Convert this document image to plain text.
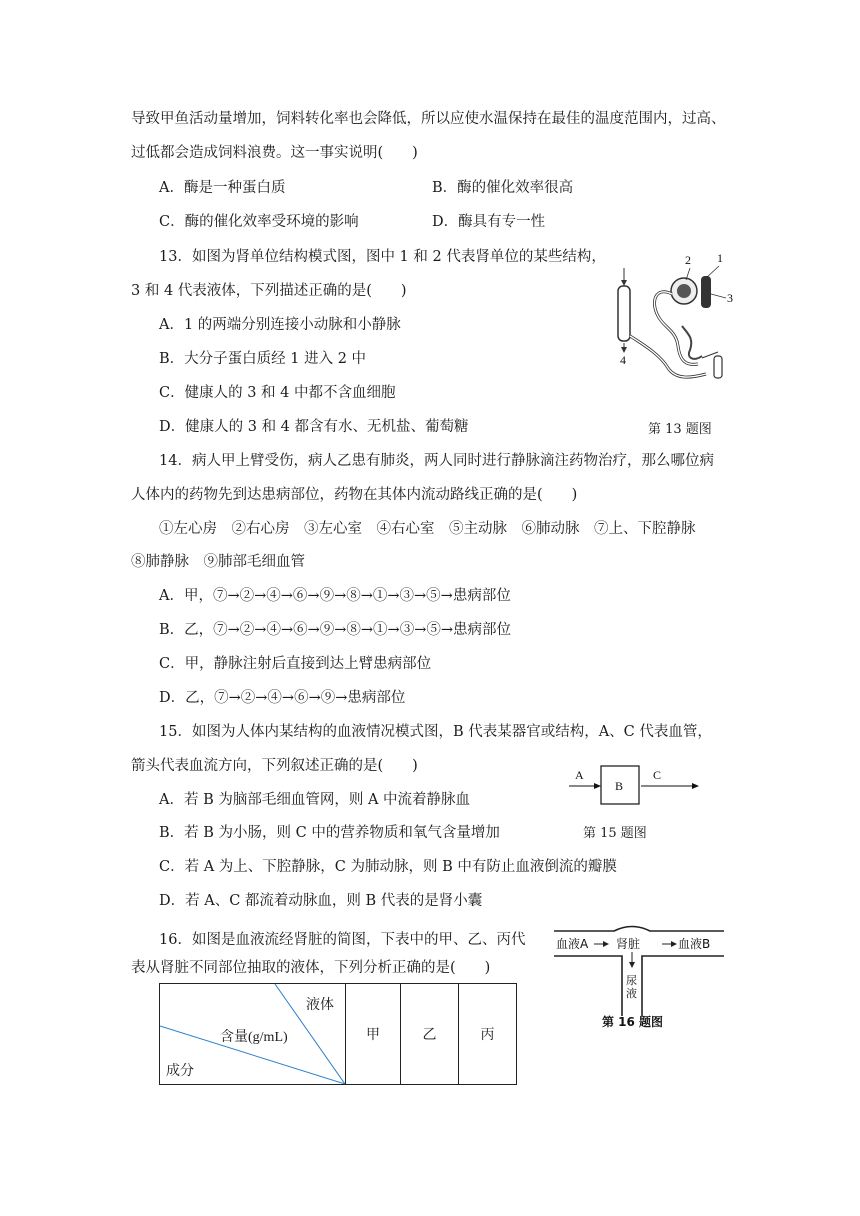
导致甲鱼活动量增加，饲料转化率也会降低，所以应使水温保持在最佳的温度范围内，过高、
过低都会造成饲料浪费。这一事实说明(　　)
A．酶是一种蛋白质	B．酶的催化效率很高
C．酶的催化效率受环境的影响	D．酶具有专一性
13．如图为肾单位结构模式图，图中 1 和 2 代表肾单位的某些结构，
3 和 4 代表液体，下列描述正确的是(　　)
A．1 的两端分别连接小动脉和小静脉
B．大分子蛋白质经 1 进入 2 中
C．健康人的 3 和 4 中都不含血细胞
D．健康人的 3 和 4 都含有水、无机盐、葡萄糖
2 1
3
4
第 13 题图
14．病人甲上臂受伤，病人乙患有肺炎，两人同时进行静脉滴注药物治疗，那么哪位病
人体内的药物先到达患病部位，药物在其体内流动路线正确的是(　　)
①左心房　②右心房　③左心室　④右心室　⑤主动脉　⑥肺动脉　⑦上、下腔静脉
⑧肺静脉　⑨肺部毛细血管
A．甲，⑦→②→④→⑥→⑨→⑧→①→③→⑤→患病部位
B．乙，⑦→②→④→⑥→⑨→⑧→①→③→⑤→患病部位
C．甲，静脉注射后直接到达上臂患病部位
D．乙，⑦→②→④→⑥→⑨→患病部位
15．如图为人体内某结构的血液情况模式图，B 代表某器官或结构，A、C 代表血管，
箭头代表血流方向，下列叙述正确的是(　　)
A．若 B 为脑部毛细血管网，则 A 中流着静脉血
B．若 B 为小肠，则 C 中的营养物质和氧气含量增加
C．若 A 为上、下腔静脉，C 为肺动脉，则 B 中有防止血液倒流的瓣膜
D．若 A、C 都流着动脉血，则 B 代表的是肾小囊
A
B
C
第 15 题图
16．如图是血液流经肾脏的简图，下表中的甲、乙、丙代
表从肾脏不同部位抽取的液体，下列分析正确的是(　　)
血液A 肾脏	血液B
尿液
第 16 题图
液体
含量(g/mL)
成分
	甲	乙	丙
